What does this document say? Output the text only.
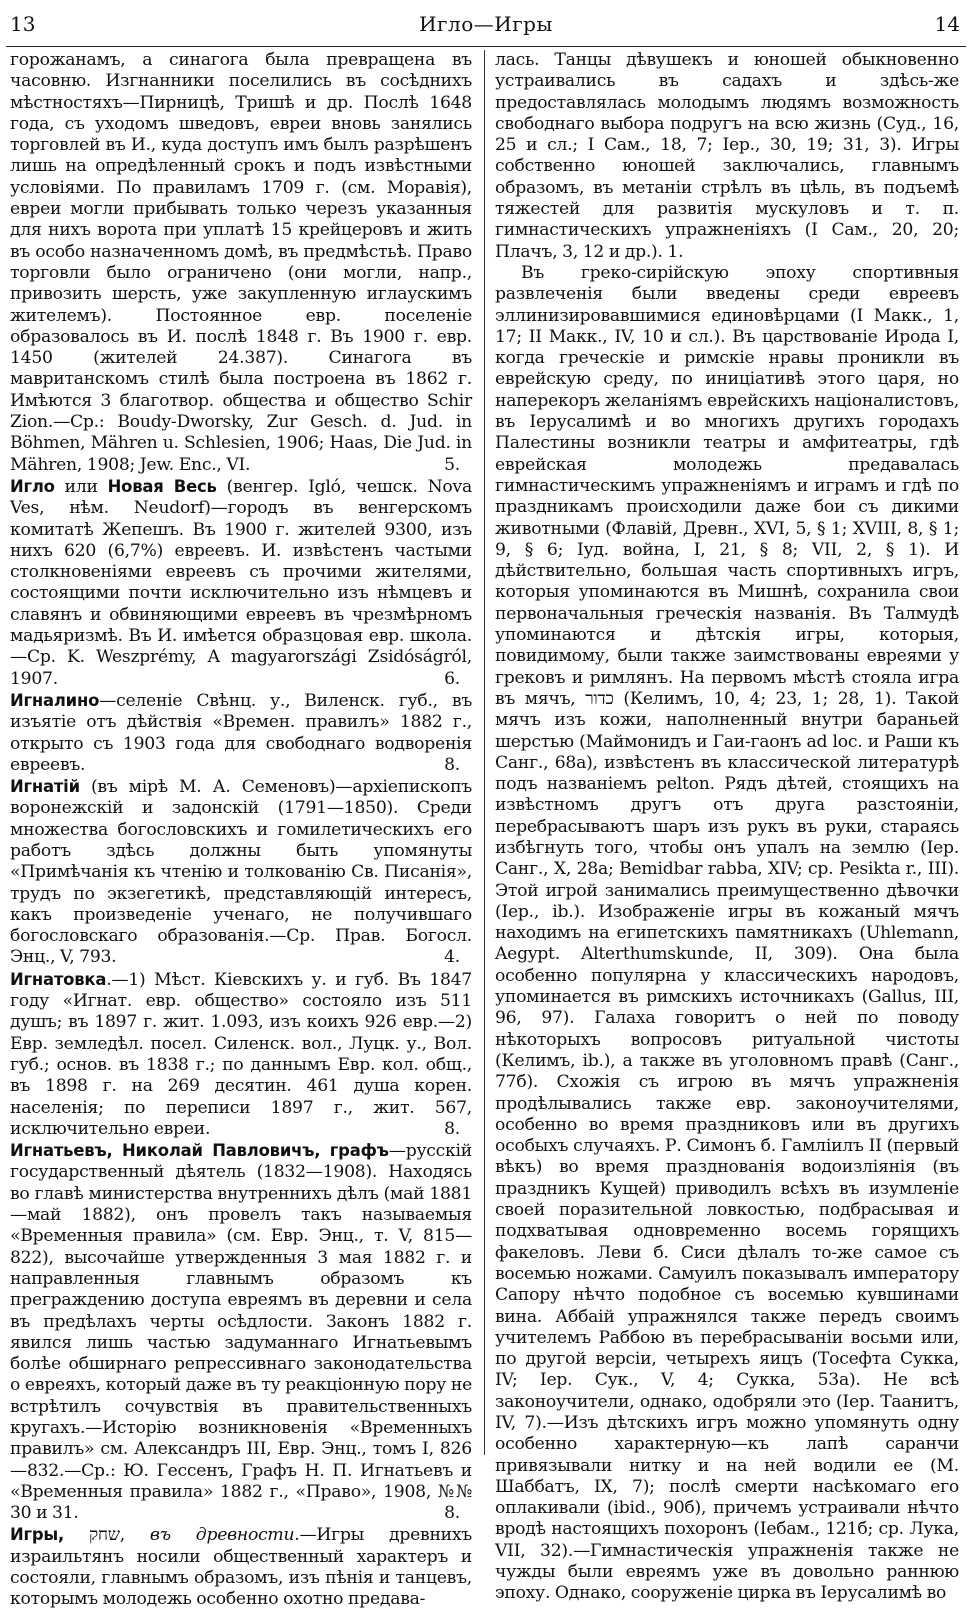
13	Игло—Игры	14

горожанамъ, а синагога была превращена въ часовню. Изгнанники поселились въ сосѣднихъ мѣстностяхъ—Пирницѣ, Тришѣ и др. Послѣ 1648 года, съ уходомъ шведовъ, евреи вновь занялись торговлей въ И., куда доступъ имъ былъ разрѣшенъ лишь на опредѣленный срокъ и подъ извѣстными условіями. По правиламъ 1709 г. (см. Моравія), евреи могли прибывать только черезъ указанныя для нихъ ворота при уплатѣ 15 крейцеровъ и жить въ особо назначенномъ домѣ, въ предмѣстьѣ. Право торговли было ограничено (они могли, напр., привозить шерсть, уже закупленную иглаускимъ жителемъ). Постоянное евр. поселеніе образовалось въ И. послѣ 1848 г. Въ 1900 г. евр. 1450 (жителей 24.387). Синагога въ мавританскомъ стилѣ была построена въ 1862 г. Имѣются 3 благотвор. общества и общество Schir Zion.—Ср.: Boudy-Dworsky, Zur Gesch. d. Jud. in Böhmen, Mähren u. Schlesien, 1906; Haas, Die Jud. in Mähren, 1908; Jew. Enc., VI.	5.

Игло или Новая Весь (венгер. Igló, чешск. Nova Ves, нѣм. Neudorf)—городъ въ венгерскомъ комитатѣ Жепешъ. Въ 1900 г. жителей 9300, изъ нихъ 620 (6,7%) евреевъ. И. извѣстенъ частыми столкновеніями евреевъ съ прочими жителями, состоящими почти исключительно изъ нѣмцевъ и славянъ и обвиняющими евреевъ въ чрезмѣрномъ мадьяризмѣ. Въ И. имѣется образцовая евр. школа.—Ср. K. Weszprémy, A magyarországi Zsidóságról, 1907.	6.

Игналино—селеніе Свѣнц. у., Виленск. губ., въ изъятіе отъ дѣйствія «Времен. правилъ» 1882 г., открыто съ 1903 года для свободнаго водворенія евреевъ.	8.

Игнатій (въ мірѣ М. А. Семеновъ)—архіепископъ воронежскій и задонскій (1791—1850). Среди множества богословскихъ и гомилетическихъ его работъ здѣсь должны быть упомянуты «Примѣчанія къ чтенію и толкованію Св. Писанія», трудъ по экзегетикѣ, представляющій интересъ, какъ произведеніе ученаго, не получившаго богословскаго образованія.—Ср. Прав. Богосл. Энц., V, 793.	4.

Игнатовка.—1) Мѣст. Кіевскихъ у. и губ. Въ 1847 году «Игнат. евр. общество» состояло изъ 511 душъ; въ 1897 г. жит. 1.093, изъ коихъ 926 евр.—2) Евр. земледѣл. посел. Силенск. вол., Луцк. у., Вол. губ.; основ. въ 1838 г.; по даннымъ Евр. кол. общ., въ 1898 г. на 269 десятин. 461 душа корен. населенія; по переписи 1897 г., жит. 567, исключительно евреи.	8.

Игнатьевъ, Николай Павловичъ, графъ—русскій государственный дѣятель (1832—1908). Находясь во главѣ министерства внутреннихъ дѣлъ (май 1881—май 1882), онъ провелъ такъ называемыя «Временныя правила» (см. Евр. Энц., т. V, 815—822), высочайше утвержденныя 3 мая 1882 г. и направленныя главнымъ образомъ къ преграждению доступа евреямъ въ деревни и села въ предѣлахъ черты осѣдлости. Законъ 1882 г. явился лишь частью задуманнаго Игнатьевымъ болѣе обширнаго репрессивнаго законодательства о евреяхъ, который даже въ ту реакціонную пору не встрѣтилъ сочувствія въ правительственныхъ кругахъ.—Исторію возникновенія «Временныхъ правилъ» см. Александръ III, Евр. Энц., томъ I, 826—832.—Ср.: Ю. Гессенъ, Графъ Н. П. Игнатьевъ и «Временныя правила» 1882 г., «Право», 1908, №№ 30 и 31.	8.

Игры, שחק, въ древности.—Игры древнихъ израильтянъ носили общественный характеръ и состояли, главнымъ образомъ, изъ пѣнія и танцевъ, которымъ молодежь особенно охотно предава-

лась. Танцы дѣвушекъ и юношей обыкновенно устраивались въ садахъ и здѣсь-же предоставлялась молодымъ людямъ возможность свободнаго выбора подругъ на всю жизнь (Суд., 16, 25 и сл.; I Сам., 18, 7; Іер., 30, 19; 31, 3). Игры собственно юношей заключались, главнымъ образомъ, въ метаніи стрѣлъ въ цѣль, въ подъемѣ тяжестей для развитія мускуловъ и т. п. гимнастическихъ упражненіяхъ (I Сам., 20, 20; Плачъ, 3, 12 и др.). 1.

Въ греко-сирійскую эпоху спортивныя развлеченія были введены среди евреевъ эллинизировавшимися единовѣрцами (I Макк., 1, 17; II Макк., IV, 10 и сл.). Въ царствованіе Ирода I, когда греческіе и римскіе нравы проникли въ еврейскую среду, по иниціативѣ этого царя, но наперекоръ желаніямъ еврейскихъ націоналистовъ, въ Іерусалимѣ и во многихъ другихъ городахъ Палестины возникли театры и амфитеатры, гдѣ еврейская молодежь предавалась гимнастическимъ упражненіямъ и играмъ и гдѣ по праздникамъ происходили даже бои съ дикими животными (Флавій, Древн., XVI, 5, § 1; XVIII, 8, § 1; 9, § 6; Іуд. война, I, 21, § 8; VII, 2, § 1). И дѣйствительно, большая часть спортивныхъ игръ, которыя упоминаются въ Мишнѣ, сохранила свои первоначальныя греческія названія. Въ Талмудѣ упоминаются и дѣтскія игры, которыя, повидимому, были также заимствованы евреями у грековъ и римлянъ. На первомъ мѣстѣ стояла игра въ мячъ, כדור (Келимъ, 10, 4; 23, 1; 28, 1). Такой мячъ изъ кожи, наполненный внутри бараньей шерстью (Маймонидъ и Гаи-гаонъ ad loc. и Раши къ Санг., 68a), извѣстенъ въ классической литературѣ подъ названіемъ pelton. Рядъ дѣтей, стоящихъ на извѣстномъ другъ отъ друга разстояніи, перебрасываютъ шаръ изъ рукъ въ руки, стараясь избѣгнуть того, чтобы онъ упалъ на землю (Іер. Санг., X, 28a; Bemidbar rabba, XIV; ср. Pesikta r., III). Этой игрой занимались преимущественно дѣвочки (Іер., ib.). Изображеніе игры въ кожаный мячъ находимъ на египетскихъ памятникахъ (Uhlemann, Aegypt. Alterthumskunde, II, 309). Она была особенно популярна у классическихъ народовъ, упоминается въ римскихъ источникахъ (Gallus, III, 96, 97). Галаха говоритъ о ней по поводу нѣкоторыхъ вопросовъ ритуальной чистоты (Келимъ, ib.), а также въ уголовномъ правѣ (Санг., 77б). Схожія съ игрою въ мячъ упражненія продѣлывались также евр. законоучителями, особенно во время праздниковъ или въ другихъ особыхъ случаяхъ. Р. Симонъ б. Гамліилъ II (первый вѣкъ) во время празднованія водоизліянія (въ праздникъ Кущей) приводилъ всѣхъ въ изумленіе своей поразительной ловкостью, подбрасывая и подхватывая одновременно восемь горящихъ факеловъ. Леви б. Сиси дѣлалъ то-же самое съ восемью ножами. Самуилъ показывалъ императору Сапору нѣчто подобное съ восемью кувшинами вина. Аббаій упражнялся также передъ своимъ учителемъ Раббою въ перебрасываніи восьми или, по другой версіи, четырехъ яицъ (Тосефта Сукка, IV; Іер. Сук., V, 4; Сукка, 53а). Не всѣ законоучители, однако, одобряли это (Іер. Таанитъ, IV, 7).—Изъ дѣтскихъ игръ можно упомянуть одну особенно характерную—къ лапѣ саранчи привязывали нитку и на ней водили ее (М. Шаббатъ, IX, 7); послѣ смерти насѣкомаго его оплакивали (ibid., 90б), причемъ устраивали нѣчто вродѣ настоящихъ похоронъ (Iебам., 121б; ср. Лука, VII, 32).—Гимнастическія упражненія также не чужды были евреямъ уже въ довольно раннюю эпоху. Однако, сооруженіе цирка въ Іерусалимѣ во
